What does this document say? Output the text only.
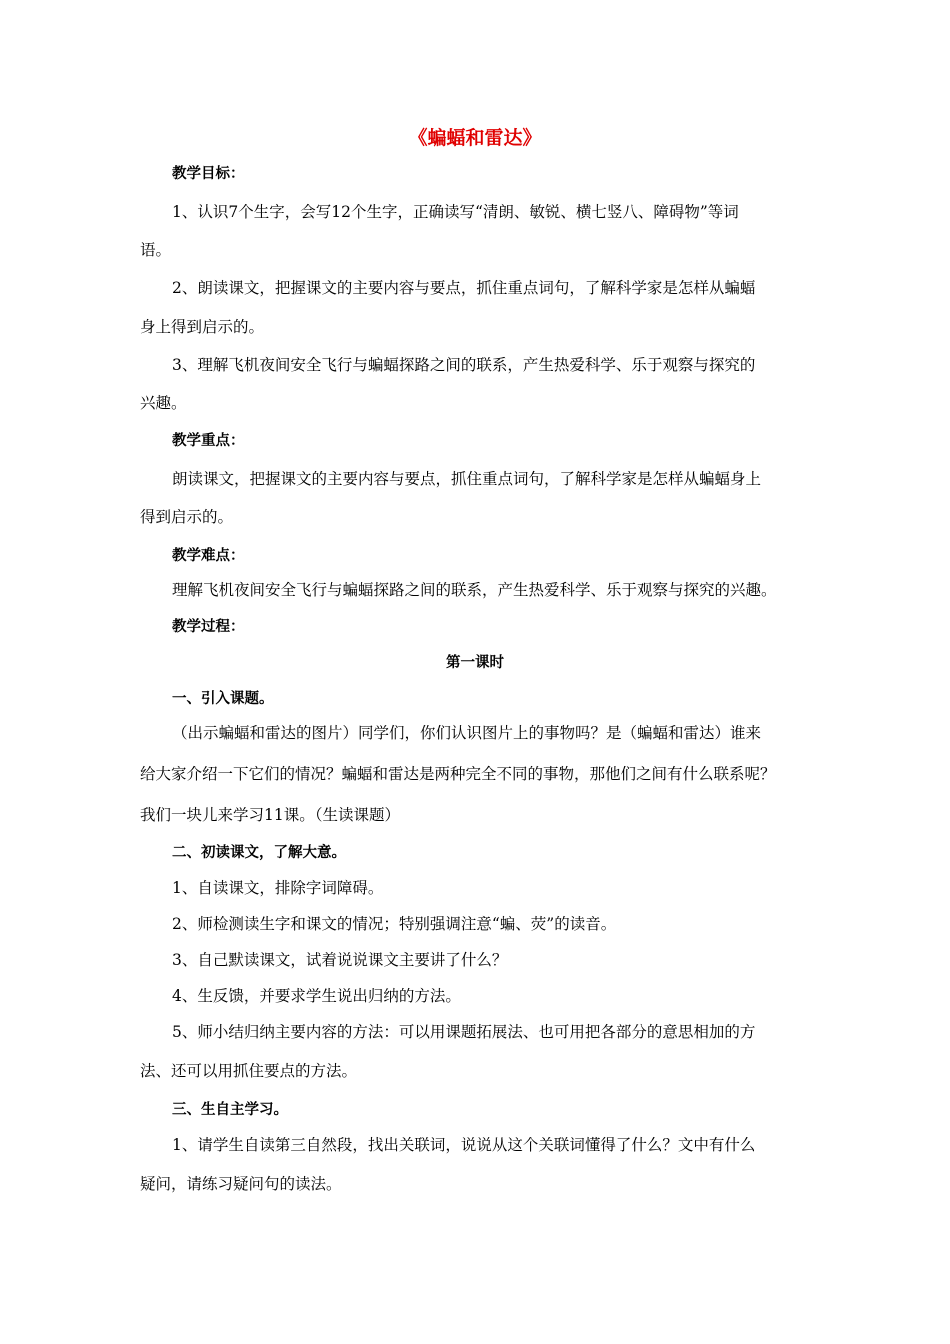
《蝙蝠和雷达》
教学目标：
1、认识7个生字，会写12个生字，正确读写“清朗、敏锐、横七竖八、障碍物”等词
语。
2、朗读课文，把握课文的主要内容与要点，抓住重点词句，了解科学家是怎样从蝙蝠
身上得到启示的。
3、理解飞机夜间安全飞行与蝙蝠探路之间的联系，产生热爱科学、乐于观察与探究的
兴趣。
教学重点：
朗读课文，把握课文的主要内容与要点，抓住重点词句，了解科学家是怎样从蝙蝠身上
得到启示的。
教学难点：
理解飞机夜间安全飞行与蝙蝠探路之间的联系，产生热爱科学、乐于观察与探究的兴趣。
教学过程：
第一课时
一、引入课题。
（出示蝙蝠和雷达的图片）同学们，你们认识图片上的事物吗？是（蝙蝠和雷达）谁来
给大家介绍一下它们的情况？蝙蝠和雷达是两种完全不同的事物，那他们之间有什么联系呢？
我们一块儿来学习11课。（生读课题）
二、初读课文，了解大意。
1、自读课文，排除字词障碍。
2、师检测读生字和课文的情况；特别强调注意“蝙、荧”的读音。
3、自己默读课文，试着说说课文主要讲了什么？
4、生反馈，并要求学生说出归纳的方法。
5、师小结归纳主要内容的方法：可以用课题拓展法、也可用把各部分的意思相加的方
法、还可以用抓住要点的方法。
三、生自主学习。
1、请学生自读第三自然段，找出关联词，说说从这个关联词懂得了什么？文中有什么
疑问，请练习疑问句的读法。
